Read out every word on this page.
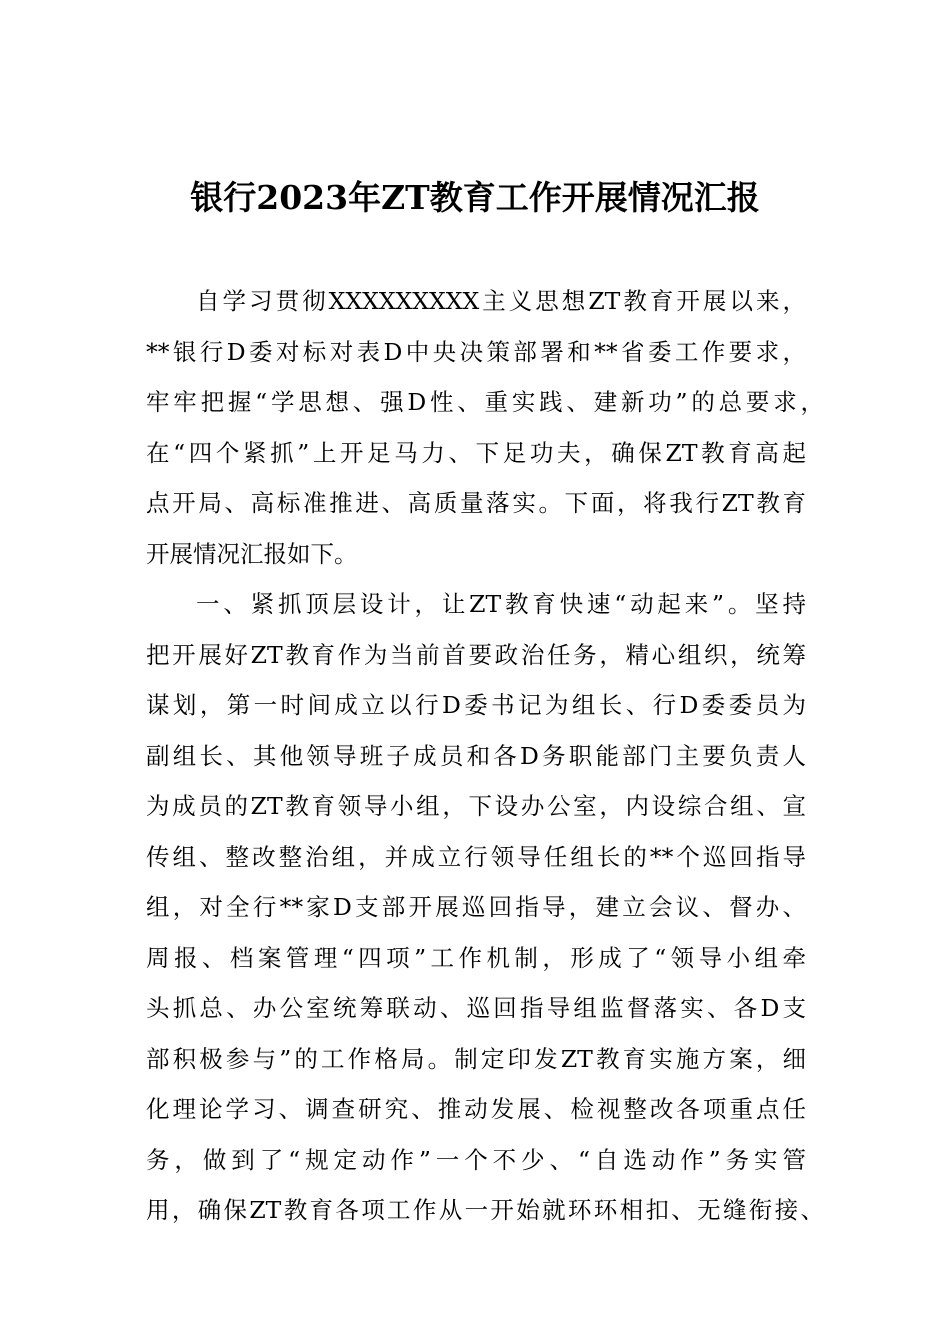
银行2023年ZT教育工作开展情况汇报
自学习贯彻XXXXXXXXX主义思想ZT教育开展以来，
**银行D委对标对表D中央决策部署和**省委工作要求，
牢牢把握“学思想、强D性、重实践、建新功”的总要求，
在“四个紧抓”上开足马力、下足功夫，确保ZT教育高起
点开局、高标准推进、高质量落实。下面，将我行ZT教育
开展情况汇报如下。
一、紧抓顶层设计，让ZT教育快速“动起来”。坚持
把开展好ZT教育作为当前首要政治任务，精心组织，统筹
谋划，第一时间成立以行D委书记为组长、行D委委员为
副组长、其他领导班子成员和各D务职能部门主要负责人
为成员的ZT教育领导小组，下设办公室，内设综合组、宣
传组、整改整治组，并成立行领导任组长的**个巡回指导
组，对全行**家D支部开展巡回指导，建立会议、督办、
周报、档案管理“四项”工作机制，形成了“领导小组牵
头抓总、办公室统筹联动、巡回指导组监督落实、各D支
部积极参与”的工作格局。制定印发ZT教育实施方案，细
化理论学习、调查研究、推动发展、检视整改各项重点任
务，做到了“规定动作”一个不少、“自选动作”务实管
用，确保ZT教育各项工作从一开始就环环相扣、无缝衔接、
